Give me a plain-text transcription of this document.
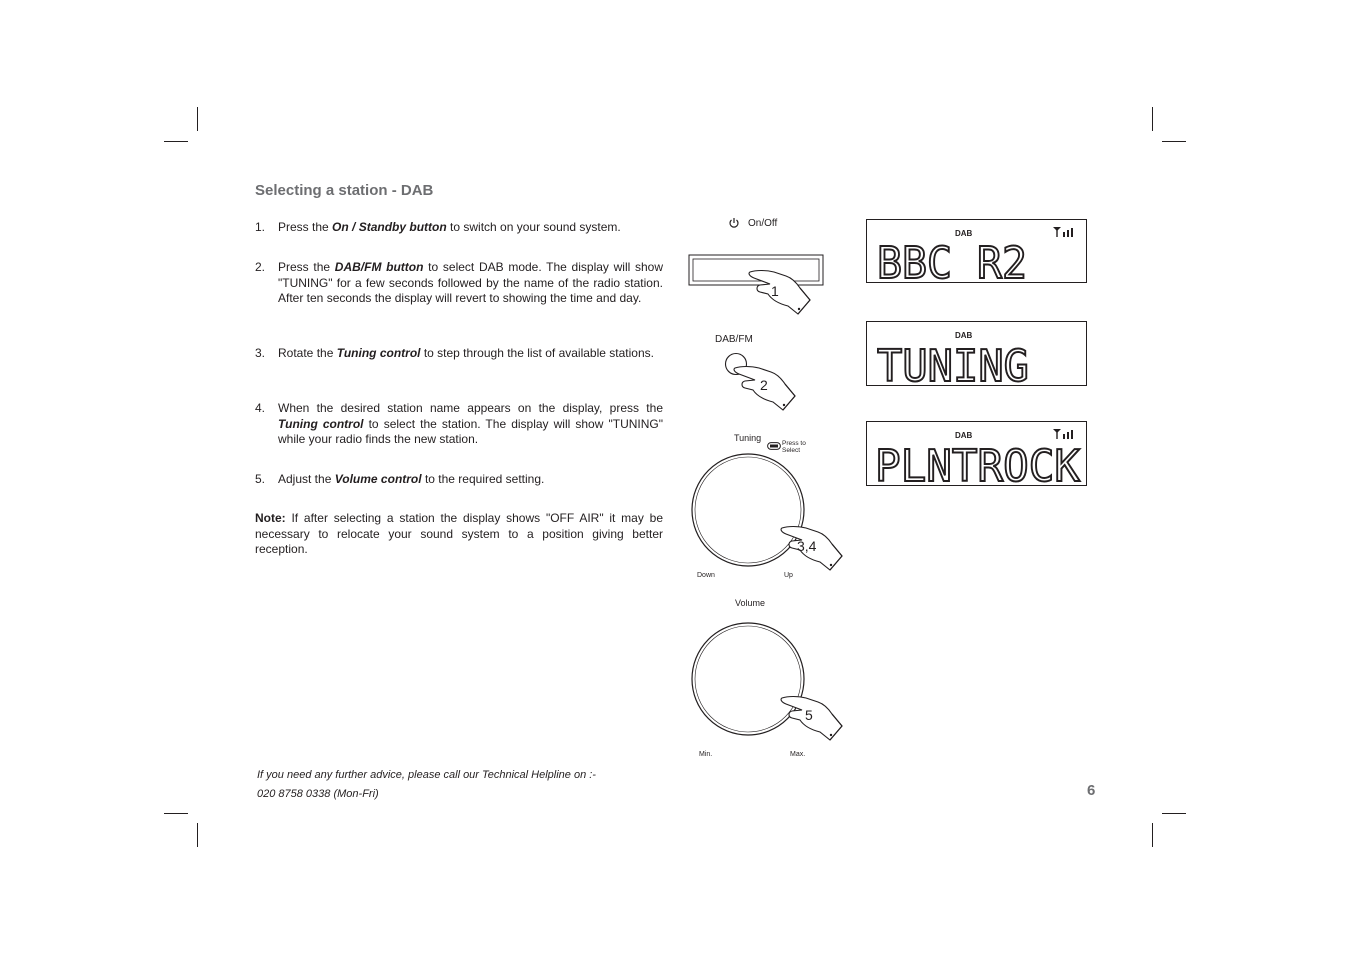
Selecting a station - DAB
1. Press the On / Standby button to switch on your sound system.
2. Press the DAB/FM button to select DAB mode. The display will show "TUNING" for a few seconds followed by the name of the radio station. After ten seconds the display will revert to showing the time and day.
3. Rotate the Tuning control to step through the list of available stations.
4. When the desired station name appears on the display, press the Tuning control to select the station. The display will show "TUNING" while your radio finds the new station.
5. Adjust the Volume control to the required setting.
Note: If after selecting a station the display shows "OFF AIR" it may be necessary to relocate your sound system to a position giving better reception.
If you need any further advice, please call our Technical Helpline on :-
020 8758 0338 (Mon-Fri)	6
On/Off
1
DAB/FM
2
Tuning
Press to
Select
3,4
Down	Up
Volume
5
Min.	Max.
DAB
BBC R2
DAB
TUNING
DAB
PLNTROCK
